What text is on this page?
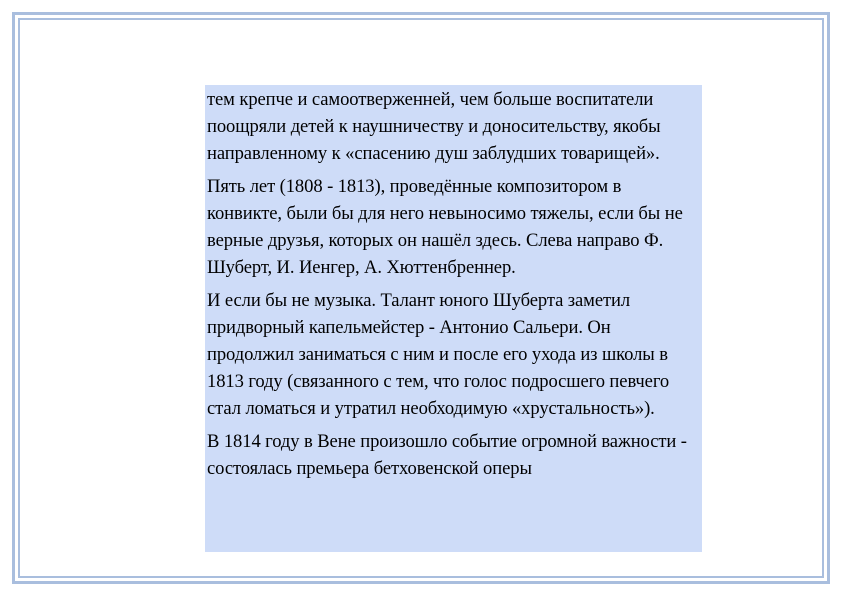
тем крепче и самоотверженней, чем больше воспитатели поощряли детей к наушничеству и доносительству, якобы направленному к «спасению душ заблудших товарищей».

Пять лет (1808 - 1813), проведённые композитором в конвикте, были бы для него невыносимо тяжелы, если бы не верные друзья, которых он нашёл здесь. Слева направо Ф. Шуберт, И. Иенгер, А. Хюттенбреннер.

И если бы не музыка. Талант юного Шуберта заметил придворный капельмейстер - Антонио Сальери. Он продолжил заниматься с ним и после его ухода из школы в 1813 году (связанного с тем, что голос подросшего певчего стал ломаться и утратил необходимую «хрустальность»).

В 1814 году в Вене произошло событие огромной важности - состоялась премьера бетховенской оперы
